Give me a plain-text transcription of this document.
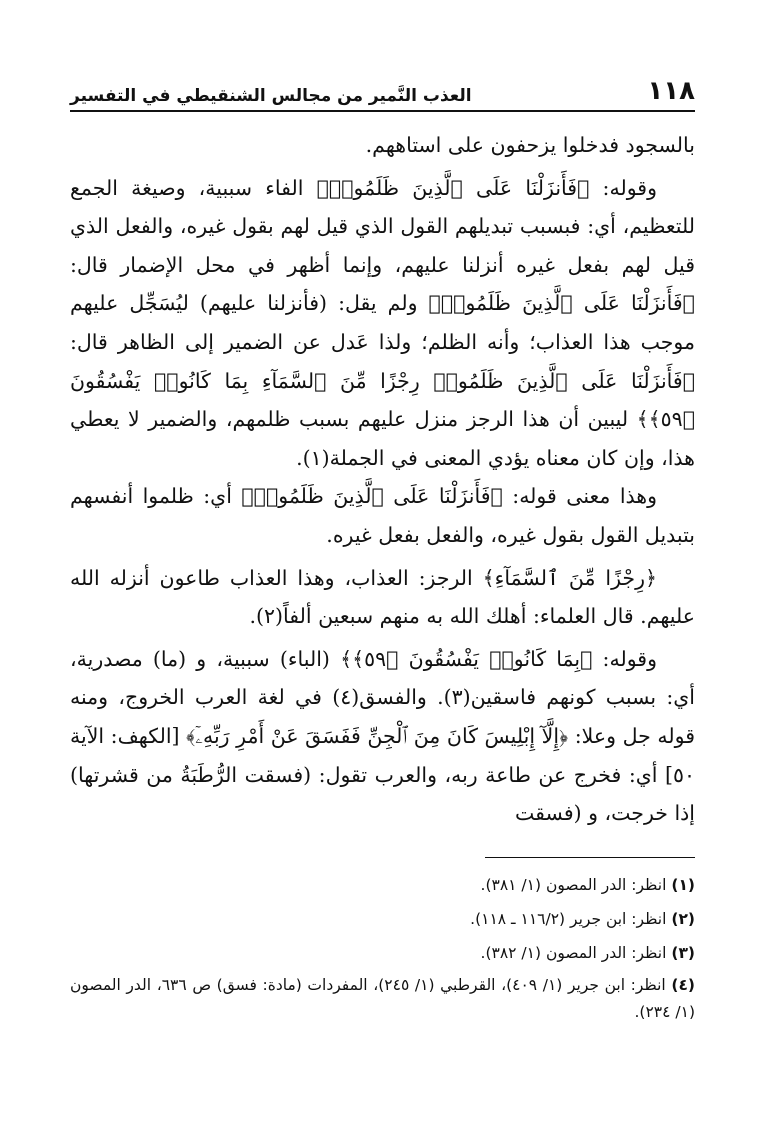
١١٨
العذب النَّمير من مجالس الشنقيطي في التفسير

بالسجود فدخلوا يزحفون على استاههم.

وقوله: ﴿فَأَنزَلْنَا عَلَى ٱلَّذِينَ ظَلَمُوا۟﴾ الفاء سببية، وصيغة الجمع للتعظيم، أي: فبسبب تبديلهم القول الذي قيل لهم بقول غيره، والفعل الذي قيل لهم بفعل غيره أنزلنا عليهم، وإنما أظهر في محل الإضمار قال: ﴿فَأَنزَلْنَا عَلَى ٱلَّذِينَ ظَلَمُوا۟﴾ ولم يقل: (فأنزلنا عليهم) ليُسَجِّل عليهم موجب هذا العذاب؛ وأنه الظلم؛ ولذا عَدل عن الضمير إلى الظاهر قال: ﴿فَأَنزَلْنَا عَلَى ٱلَّذِينَ ظَلَمُوا۟ رِجْزًا مِّنَ ٱلسَّمَآءِ بِمَا كَانُوا۟ يَفْسُقُونَ ﴿٥٩﴾﴾ ليبين أن هذا الرجز منزل عليهم بسبب ظلمهم، والضمير لا يعطي هذا، وإن كان معناه يؤدي المعنى في الجملة(١).

وهذا معنى قوله: ﴿فَأَنزَلْنَا عَلَى ٱلَّذِينَ ظَلَمُوا۟﴾ أي: ظلموا أنفسهم بتبديل القول بقول غيره، والفعل بفعل غيره.

﴿رِجْزًا مِّنَ ٱلسَّمَآءِ﴾ الرجز: العذاب، وهذا العذاب طاعون أنزله الله عليهم. قال العلماء: أهلك الله به منهم سبعين ألفاً(٢).

وقوله: ﴿بِمَا كَانُوا۟ يَفْسُقُونَ ﴿٥٩﴾﴾ (الباء) سببية، و (ما) مصدرية، أي: بسبب كونهم فاسقين(٣). والفسق(٤) في لغة العرب الخروج، ومنه قوله جل وعلا: ﴿إِلَّآ إِبْلِيسَ كَانَ مِنَ ٱلْجِنِّ فَفَسَقَ عَنْ أَمْرِ رَبِّهِۦٓ﴾ [الكهف: الآية ٥٠] أي: فخرج عن طاعة ربه، والعرب تقول: (فسقت الرُّطَبَةُ من قشرتها) إذا خرجت، و (فسقت

(١) انظر: الدر المصون (١/ ٣٨١).

(٢) انظر: ابن جرير (١١٦/٢ ـ ١١٨).

(٣) انظر: الدر المصون (١/ ٣٨٢).

(٤) انظر: ابن جرير (١/ ٤٠٩)، القرطبي (١/ ٢٤٥)، المفردات (مادة: فسق) ص ٦٣٦، الدر المصون (١/ ٢٣٤).
